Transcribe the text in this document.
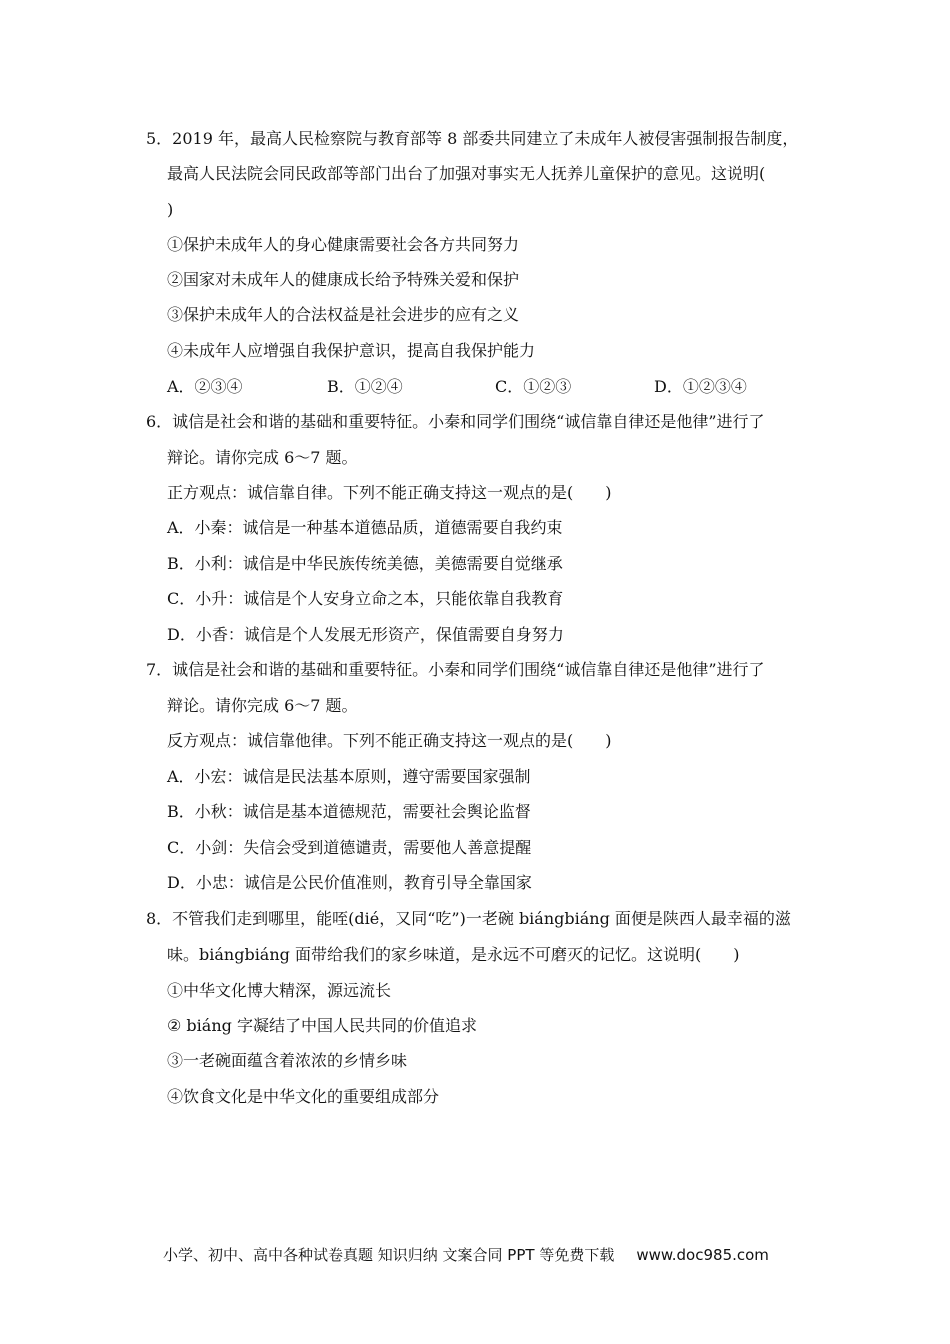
5．2019 年，最高人民检察院与教育部等 8 部委共同建立了未成年人被侵害强制报告制度，
最高人民法院会同民政部等部门出台了加强对事实无人抚养儿童保护的意见。这说明(
)
①保护未成年人的身心健康需要社会各方共同努力
②国家对未成年人的健康成长给予特殊关爱和保护
③保护未成年人的合法权益是社会进步的应有之义
④未成年人应增强自我保护意识，提高自我保护能力
A．②③④	B．①②④	C．①②③	D．①②③④
6．诚信是社会和谐的基础和重要特征。小秦和同学们围绕“诚信靠自律还是他律”进行了
辩论。请你完成 6～7 题。
正方观点：诚信靠自律。下列不能正确支持这一观点的是(　　)
A．小秦：诚信是一种基本道德品质，道德需要自我约束
B．小利：诚信是中华民族传统美德，美德需要自觉继承
C．小升：诚信是个人安身立命之本，只能依靠自我教育
D．小香：诚信是个人发展无形资产，保值需要自身努力
7．诚信是社会和谐的基础和重要特征。小秦和同学们围绕“诚信靠自律还是他律”进行了
辩论。请你完成 6～7 题。
反方观点：诚信靠他律。下列不能正确支持这一观点的是(　　)
A．小宏：诚信是民法基本原则，遵守需要国家强制
B．小秋：诚信是基本道德规范，需要社会舆论监督
C．小剑：失信会受到道德谴责，需要他人善意提醒
D．小忠：诚信是公民价值准则，教育引导全靠国家
8．不管我们走到哪里，能咥(dié，又同“吃”)一老碗 biángbiáng 面便是陕西人最幸福的滋
味。biángbiáng 面带给我们的家乡味道，是永远不可磨灭的记忆。这说明(　　)
①中华文化博大精深，源远流长
② biáng 字凝结了中国人民共同的价值追求
③一老碗面蕴含着浓浓的乡情乡味
④饮食文化是中华文化的重要组成部分
小学、初中、高中各种试卷真题 知识归纳 文案合同 PPT 等免费下载 www.doc985.com
